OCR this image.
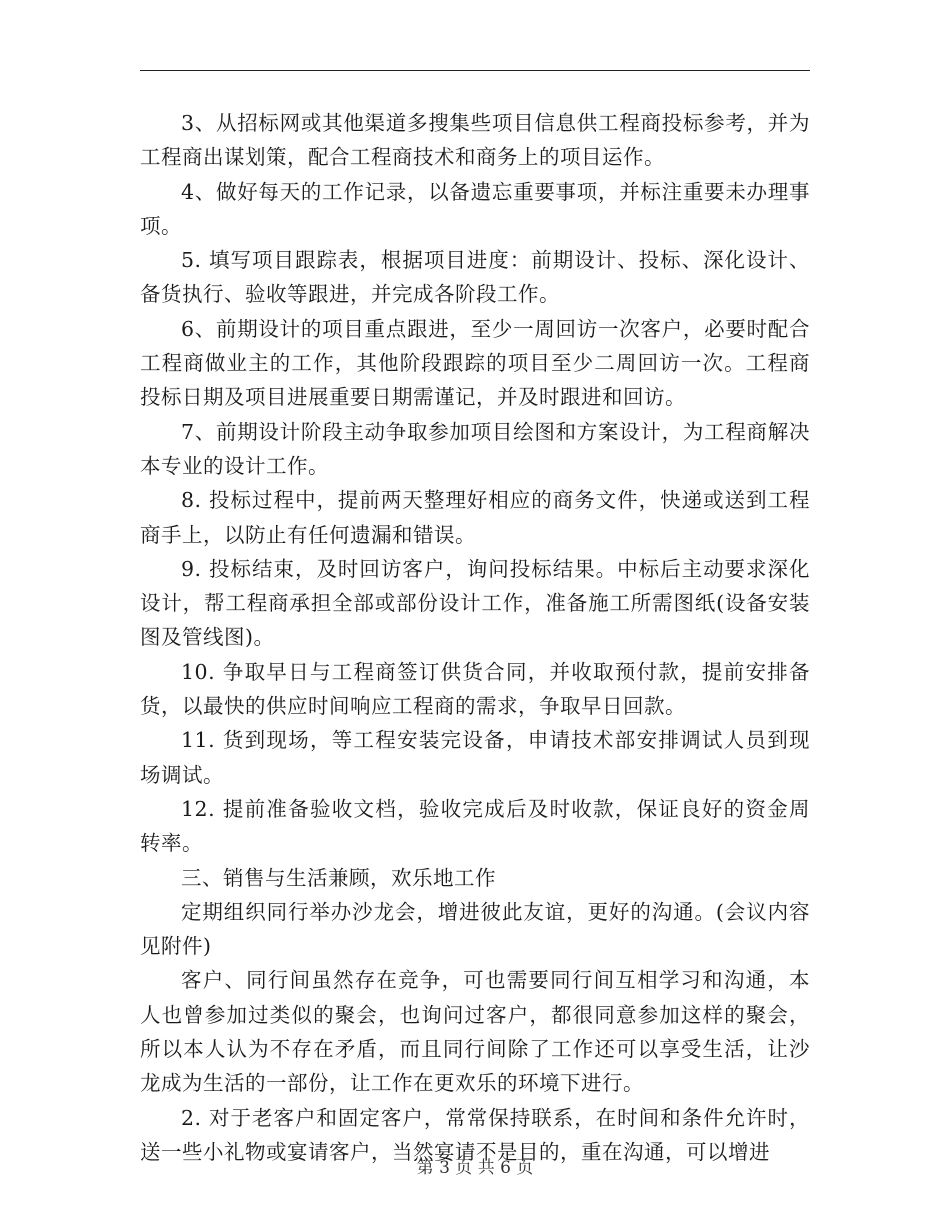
3、从招标网或其他渠道多搜集些项目信息供工程商投标参考，并为工程商出谋划策，配合工程商技术和商务上的项目运作。

4、做好每天的工作记录，以备遗忘重要事项，并标注重要未办理事项。

5. 填写项目跟踪表，根据项目进度：前期设计、投标、深化设计、备货执行、验收等跟进，并完成各阶段工作。

6、前期设计的项目重点跟进，至少一周回访一次客户，必要时配合工程商做业主的工作，其他阶段跟踪的项目至少二周回访一次。工程商投标日期及项目进展重要日期需谨记，并及时跟进和回访。

7、前期设计阶段主动争取参加项目绘图和方案设计，为工程商解决本专业的设计工作。

8. 投标过程中，提前两天整理好相应的商务文件，快递或送到工程商手上，以防止有任何遗漏和错误。

9. 投标结束，及时回访客户，询问投标结果。中标后主动要求深化设计，帮工程商承担全部或部份设计工作，准备施工所需图纸(设备安装图及管线图)。

10. 争取早日与工程商签订供货合同，并收取预付款，提前安排备货，以最快的供应时间响应工程商的需求，争取早日回款。

11. 货到现场，等工程安装完设备，申请技术部安排调试人员到现场调试。

12. 提前准备验收文档，验收完成后及时收款，保证良好的资金周转率。

三、销售与生活兼顾，欢乐地工作

定期组织同行举办沙龙会，增进彼此友谊，更好的沟通。(会议内容见附件)

客户、同行间虽然存在竞争，可也需要同行间互相学习和沟通，本人也曾参加过类似的聚会，也询问过客户，都很同意参加这样的聚会，所以本人认为不存在矛盾，而且同行间除了工作还可以享受生活，让沙龙成为生活的一部份，让工作在更欢乐的环境下进行。

2. 对于老客户和固定客户，常常保持联系，在时间和条件允许时，送一些小礼物或宴请客户，当然宴请不是目的，重在沟通，可以增进

第 3 页 共 6 页
